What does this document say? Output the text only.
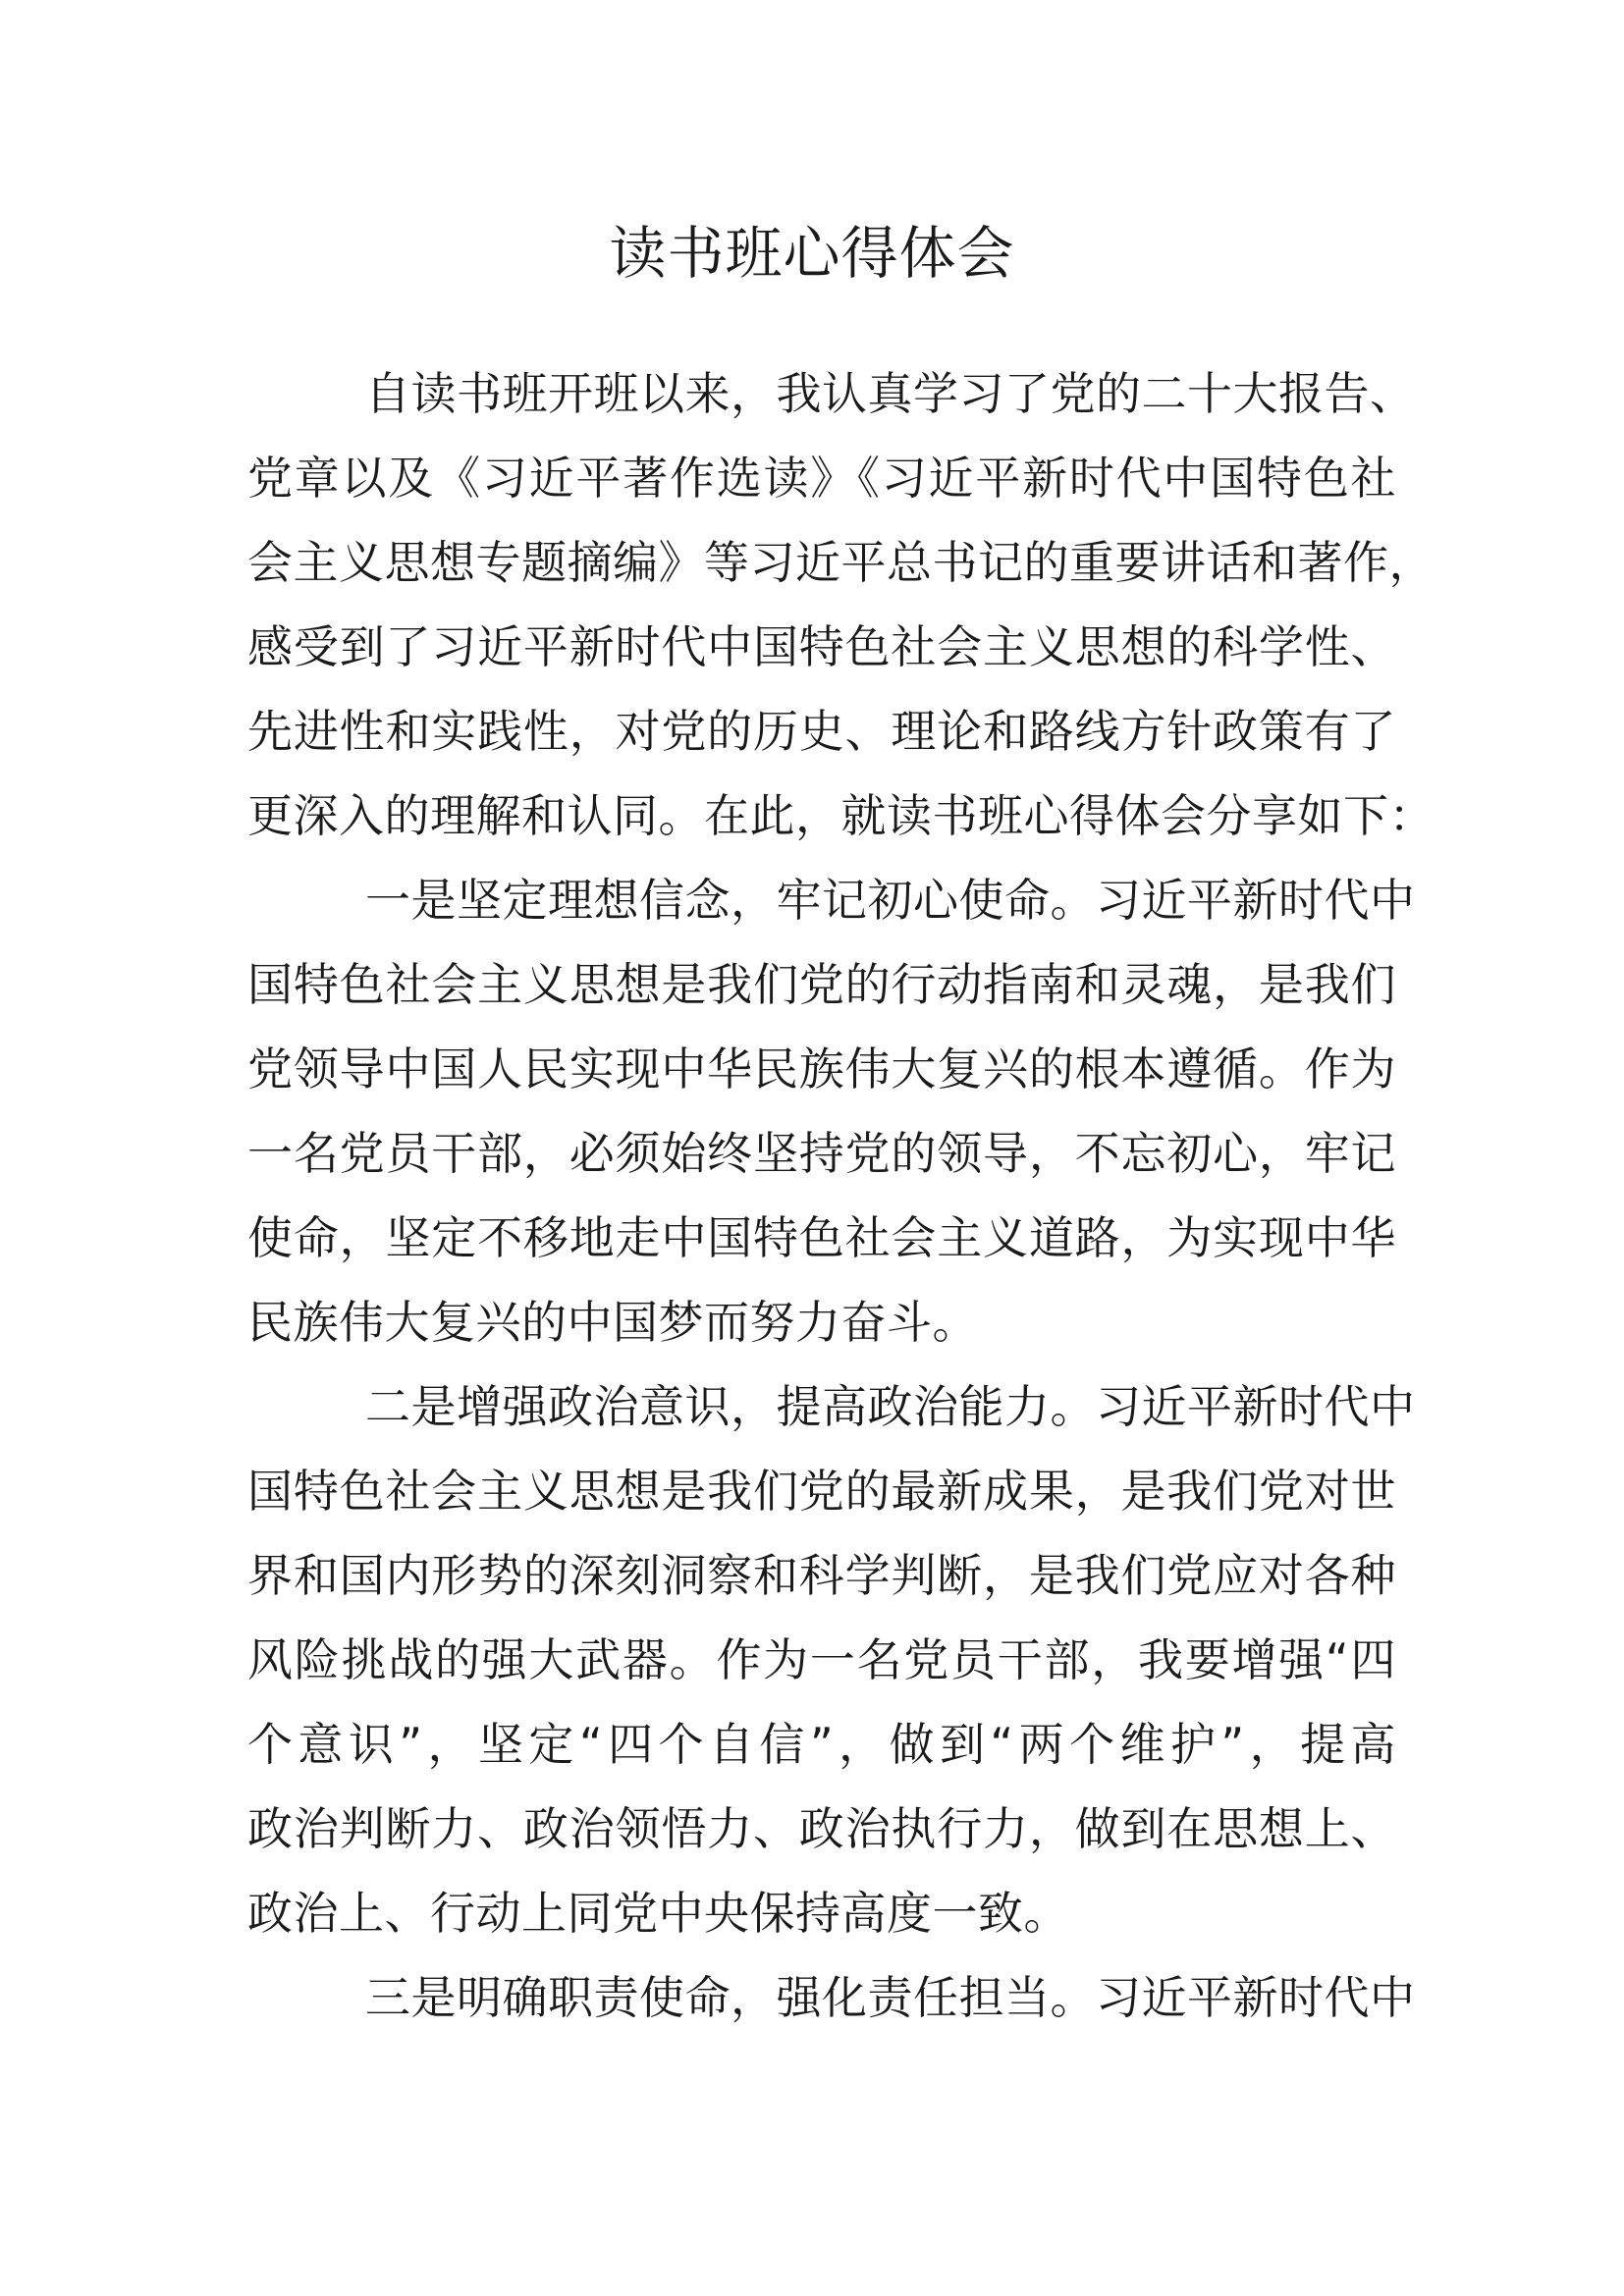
读书班心得体会
自读书班开班以来，我认真学习了党的二十大报告、
党章以及《习近平著作选读》《习近平新时代中国特色社
会主义思想专题摘编》等习近平总书记的重要讲话和著作，
感受到了习近平新时代中国特色社会主义思想的科学性、
先进性和实践性，对党的历史、理论和路线方针政策有了
更深入的理解和认同。在此，就读书班心得体会分享如下：
一是坚定理想信念，牢记初心使命。习近平新时代中
国特色社会主义思想是我们党的行动指南和灵魂，是我们
党领导中国人民实现中华民族伟大复兴的根本遵循。作为
一名党员干部，必须始终坚持党的领导，不忘初心，牢记
使命，坚定不移地走中国特色社会主义道路，为实现中华
民族伟大复兴的中国梦而努力奋斗。
二是增强政治意识，提高政治能力。习近平新时代中
国特色社会主义思想是我们党的最新成果，是我们党对世
界和国内形势的深刻洞察和科学判断，是我们党应对各种
风险挑战的强大武器。作为一名党员干部，我要增强“四
个意识”，坚定“四个自信”，做到“两个维护”，提高
政治判断力、政治领悟力、政治执行力，做到在思想上、
政治上、行动上同党中央保持高度一致。
三是明确职责使命，强化责任担当。习近平新时代中
